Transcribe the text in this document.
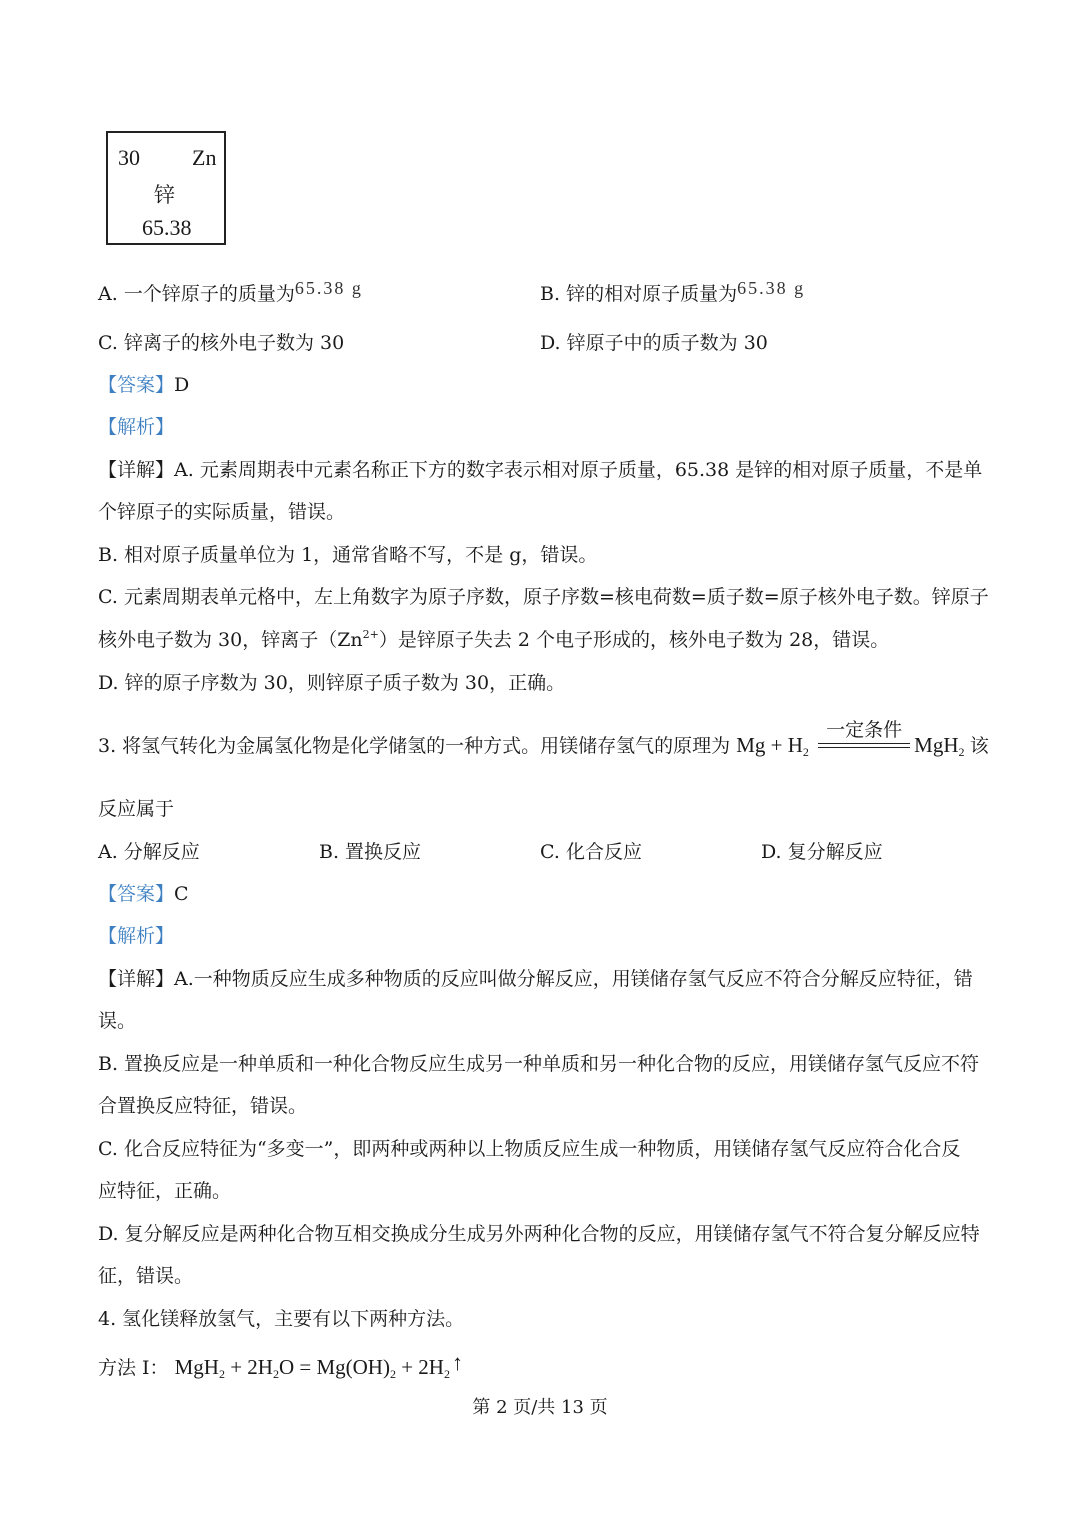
30 Zn
锌
65.38
A. 一个锌原子的质量为65.38 g	B. 锌的相对原子质量为65.38 g
C. 锌离子的核外电子数为 30	D. 锌原子中的质子数为 30
【答案】D
【解析】
【详解】A. 元素周期表中元素名称正下方的数字表示相对原子质量，65.38 是锌的相对原子质量，不是单
个锌原子的实际质量，错误。
B. 相对原子质量单位为 1，通常省略不写，不是 g，错误。
C. 元素周期表单元格中，左上角数字为原子序数，原子序数=核电荷数=质子数=原子核外电子数。锌原子
核外电子数为 30，锌离子$(Zn^{2+})$是锌原子失去 2 个电子形成的，核外电子数为 28，错误。
D. 锌的原子序数为 30，则锌原子质子数为 30，正确。
3. 将氢气转化为金属氢化物是化学储氢的一种方式。用镁储存氢气的原理为 $Mg + H_2$
一定条件
MgH$_2$ 该
反应属于
A. 分解反应	B. 置换反应	C. 化合反应	D. 复分解反应
【答案】C
【解析】
【详解】A.一种物质反应生成多种物质的反应叫做分解反应，用镁储存氢气反应不符合分解反应特征，错
误。
B. 置换反应是一种单质和一种化合物反应生成另一种单质和另一种化合物的反应，用镁储存氢气反应不符
合置换反应特征，错误。
C. 化合反应特征为“多变一”，即两种或两种以上物质反应生成一种物质，用镁储存氢气反应符合化合反
应特征，正确。
D. 复分解反应是两种化合物互相交换成分生成另外两种化合物的反应，用镁储存氢气不符合复分解反应特
征，错误。
4. 氢化镁释放氢气，主要有以下两种方法。
方法 I： $MgH_2 + 2H_2O = Mg(OH)_2$ + $2H_2↑$
第 2 页/共 13 页
